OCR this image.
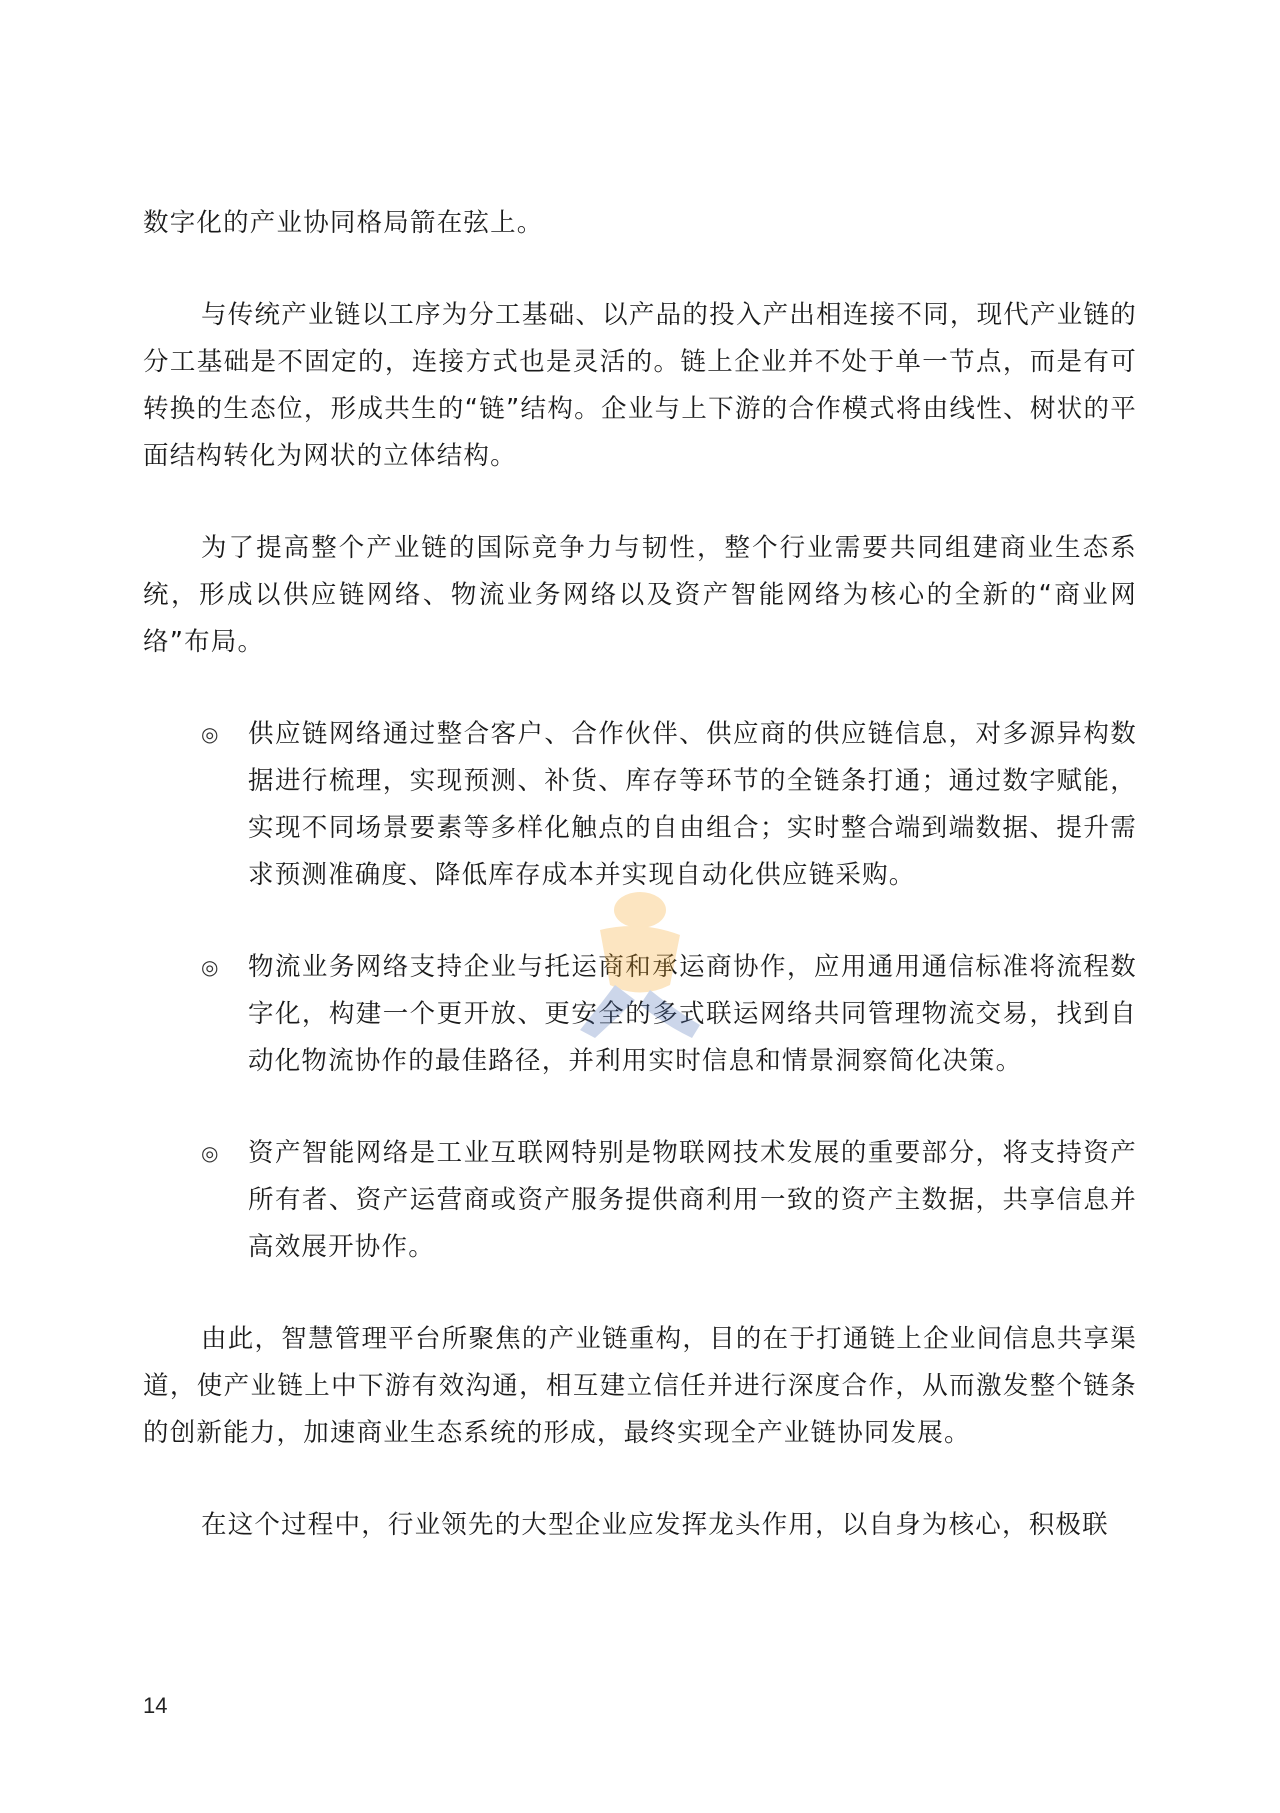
数字化的产业协同格局箭在弦上。

与传统产业链以工序为分工基础、以产品的投入产出相连接不同，现代产业链的分工基础是不固定的，连接方式也是灵活的。链上企业并不处于单一节点，而是有可转换的生态位，形成共生的“链”结构。企业与上下游的合作模式将由线性、树状的平面结构转化为网状的立体结构。

为了提高整个产业链的国际竞争力与韧性，整个行业需要共同组建商业生态系统，形成以供应链网络、物流业务网络以及资产智能网络为核心的全新的“商业网络”布局。

◎ 供应链网络通过整合客户、合作伙伴、供应商的供应链信息，对多源异构数据进行梳理，实现预测、补货、库存等环节的全链条打通；通过数字赋能，实现不同场景要素等多样化触点的自由组合；实时整合端到端数据、提升需求预测准确度、降低库存成本并实现自动化供应链采购。
◎ 物流业务网络支持企业与托运商和承运商协作，应用通用通信标准将流程数字化，构建一个更开放、更安全的多式联运网络共同管理物流交易，找到自动化物流协作的最佳路径，并利用实时信息和情景洞察简化决策。
◎ 资产智能网络是工业互联网特别是物联网技术发展的重要部分，将支持资产所有者、资产运营商或资产服务提供商利用一致的资产主数据，共享信息并高效展开协作。

由此，智慧管理平台所聚焦的产业链重构，目的在于打通链上企业间信息共享渠道，使产业链上中下游有效沟通，相互建立信任并进行深度合作，从而激发整个链条的创新能力，加速商业生态系统的形成，最终实现全产业链协同发展。

在这个过程中，行业领先的大型企业应发挥龙头作用，以自身为核心，积极联

14
